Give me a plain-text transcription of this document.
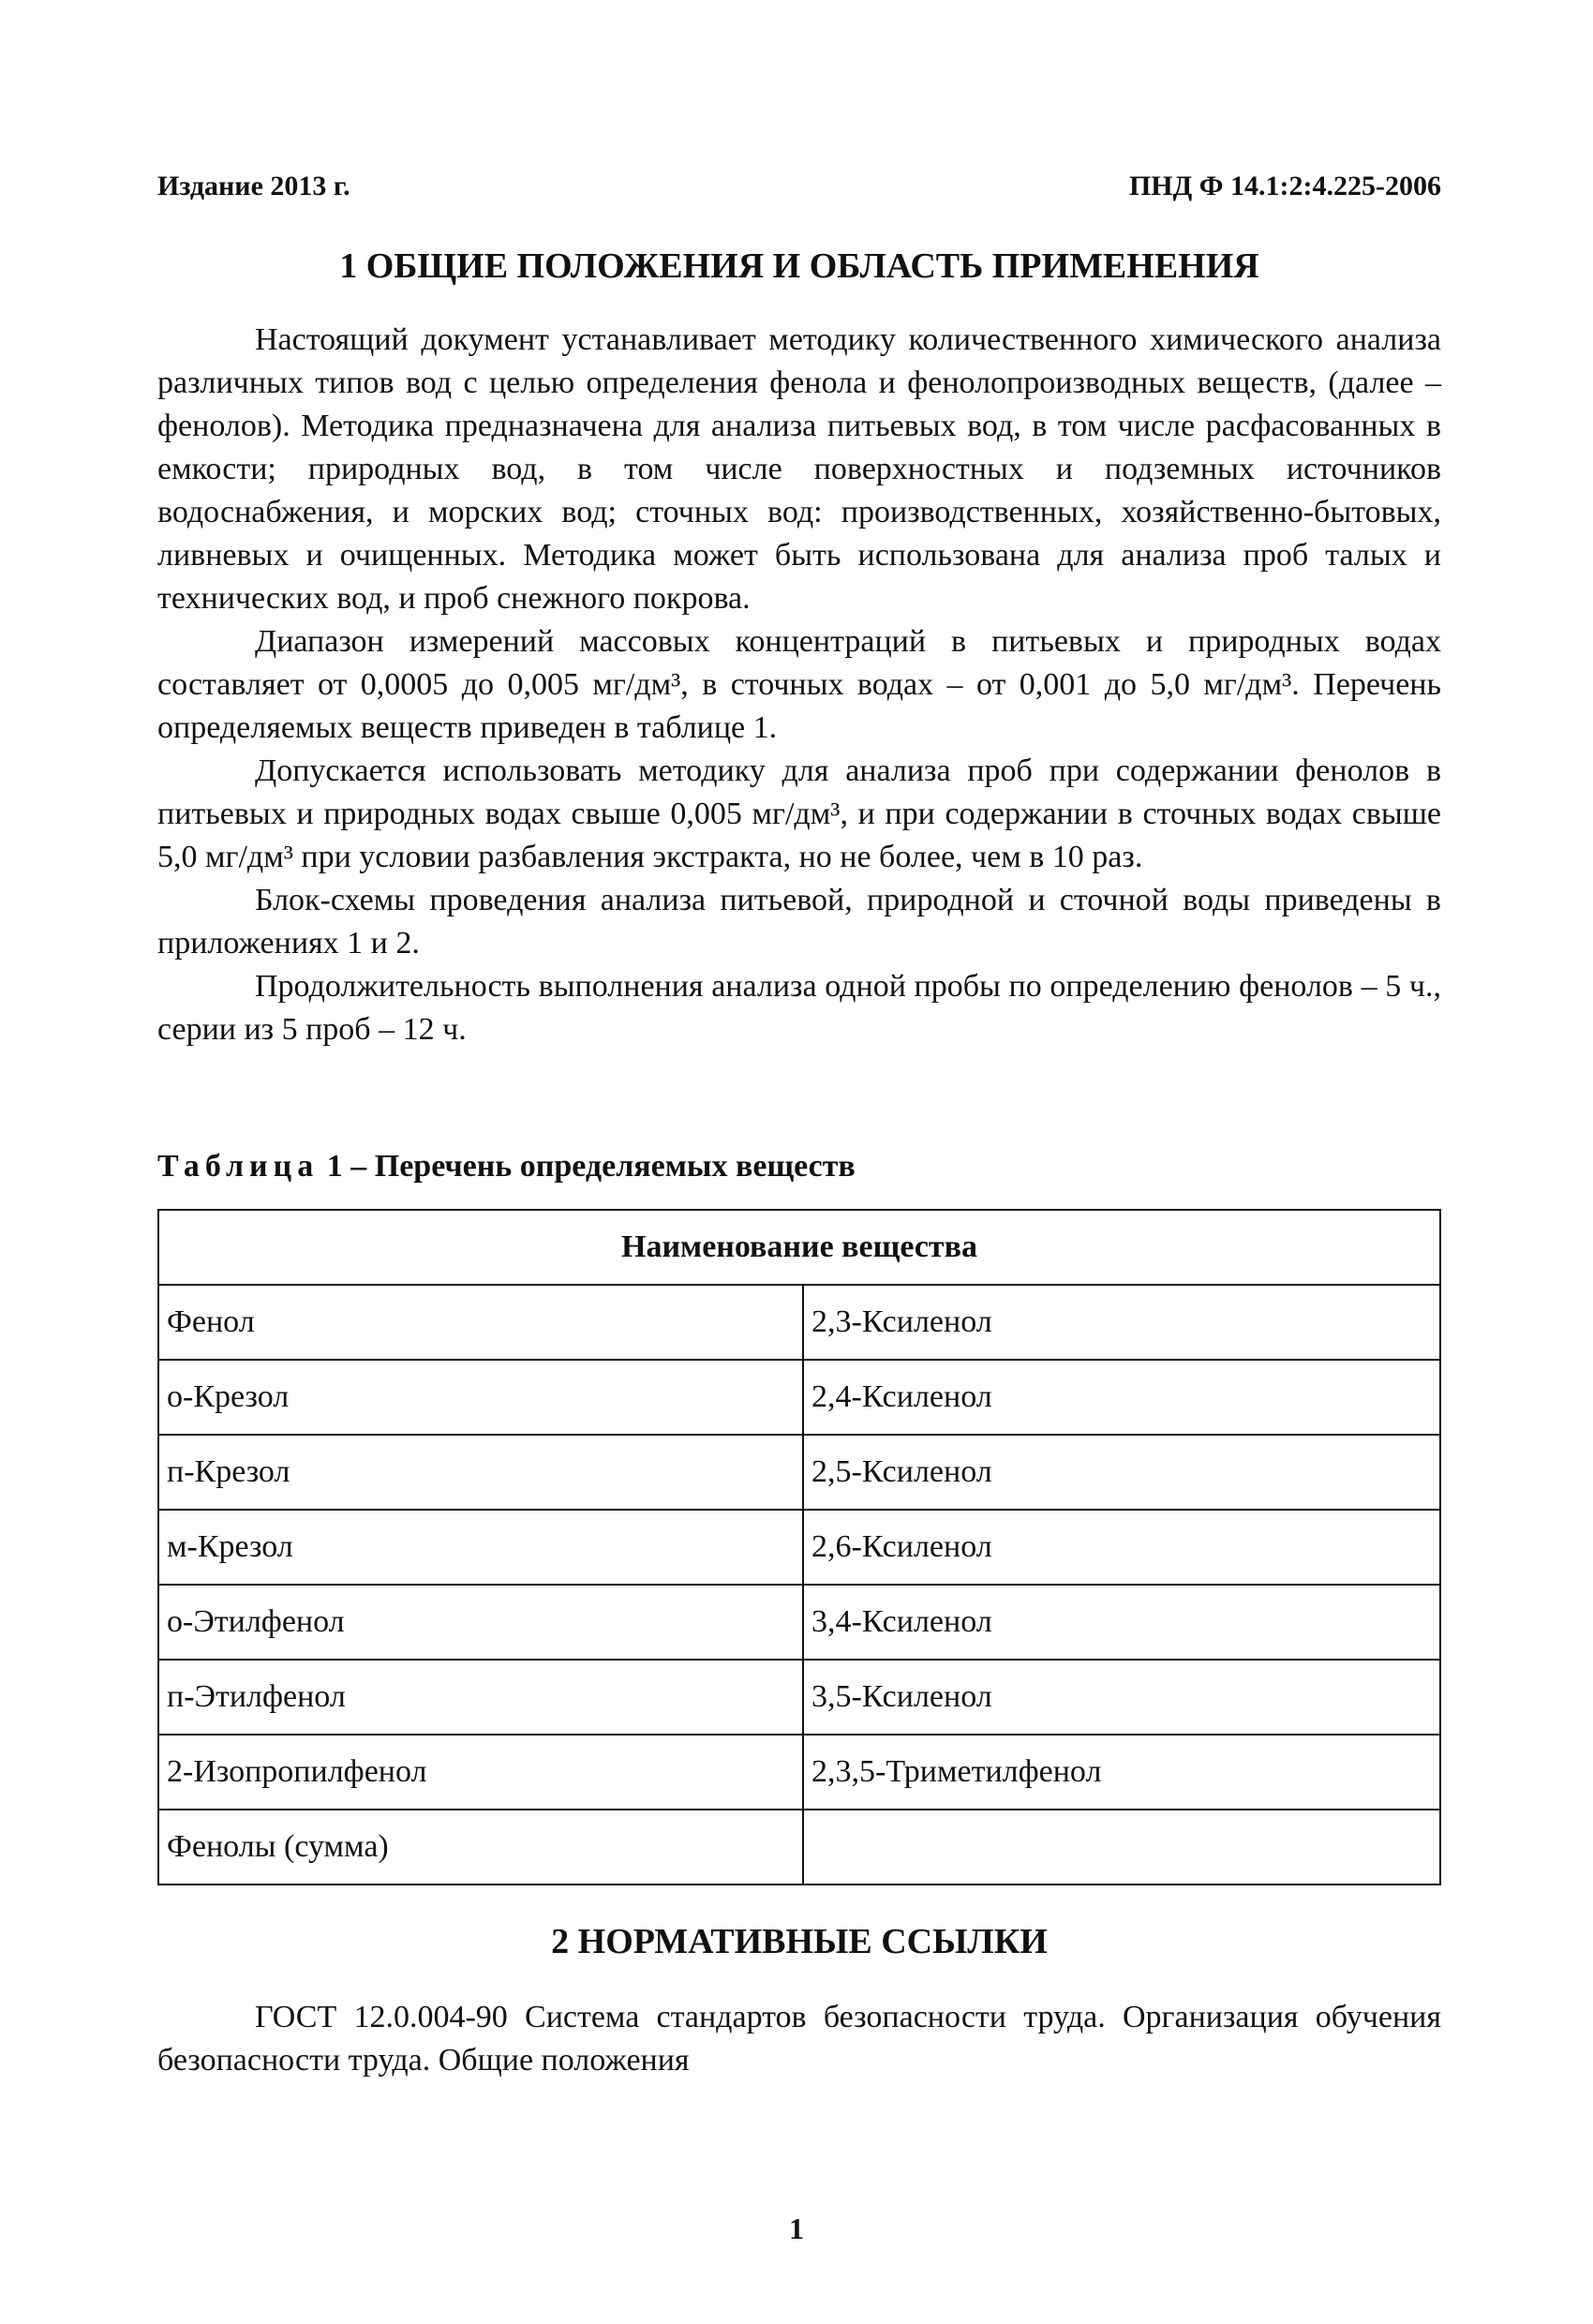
Издание 2013 г.	ПНД Ф 14.1:2:4.225-2006
1 ОБЩИЕ ПОЛОЖЕНИЯ И ОБЛАСТЬ ПРИМЕНЕНИЯ

Настоящий документ устанавливает методику количественного химического анализа различных типов вод с целью определения фенола и фенолопроизводных веществ, (далее – фенолов). Методика предназначена для анализа питьевых вод, в том числе расфасованных в емкости; природных вод, в том числе поверхностных и подземных источников водоснабжения, и морских вод; сточных вод: производственных, хозяйственно-бытовых, ливневых и очищенных. Методика может быть использована для анализа проб талых и технических вод, и проб снежного покрова.

Диапазон измерений массовых концентраций в питьевых и природных водах составляет от 0,0005 до 0,005 мг/дм³, в сточных водах – от 0,001 до 5,0 мг/дм³. Перечень определяемых веществ приведен в таблице 1.

Допускается использовать методику для анализа проб при содержании фенолов в питьевых и природных водах свыше 0,005 мг/дм³, и при содержании в сточных водах свыше 5,0 мг/дм³ при условии разбавления экстракта, но не более, чем в 10 раз.

Блок-схемы проведения анализа питьевой, природной и сточной воды приведены в приложениях 1 и 2.

Продолжительность выполнения анализа одной пробы по определению фенолов – 5 ч., серии из 5 проб – 12 ч.

Таблица 1 – Перечень определяемых веществ
Наименование вещества	
Фенол	2,3-Ксиленол
о-Крезол	2,4-Ксиленол
п-Крезол	2,5-Ксиленол
м-Крезол	2,6-Ксиленол
о-Этилфенол	3,4-Ксиленол
п-Этилфенол	3,5-Ксиленол
2-Изопропилфенол	2,3,5-Триметилфенол
Фенолы (сумма)	
2 НОРМАТИВНЫЕ ССЫЛКИ

ГОСТ 12.0.004-90 Система стандартов безопасности труда. Организация обучения безопасности труда. Общие положения

1
